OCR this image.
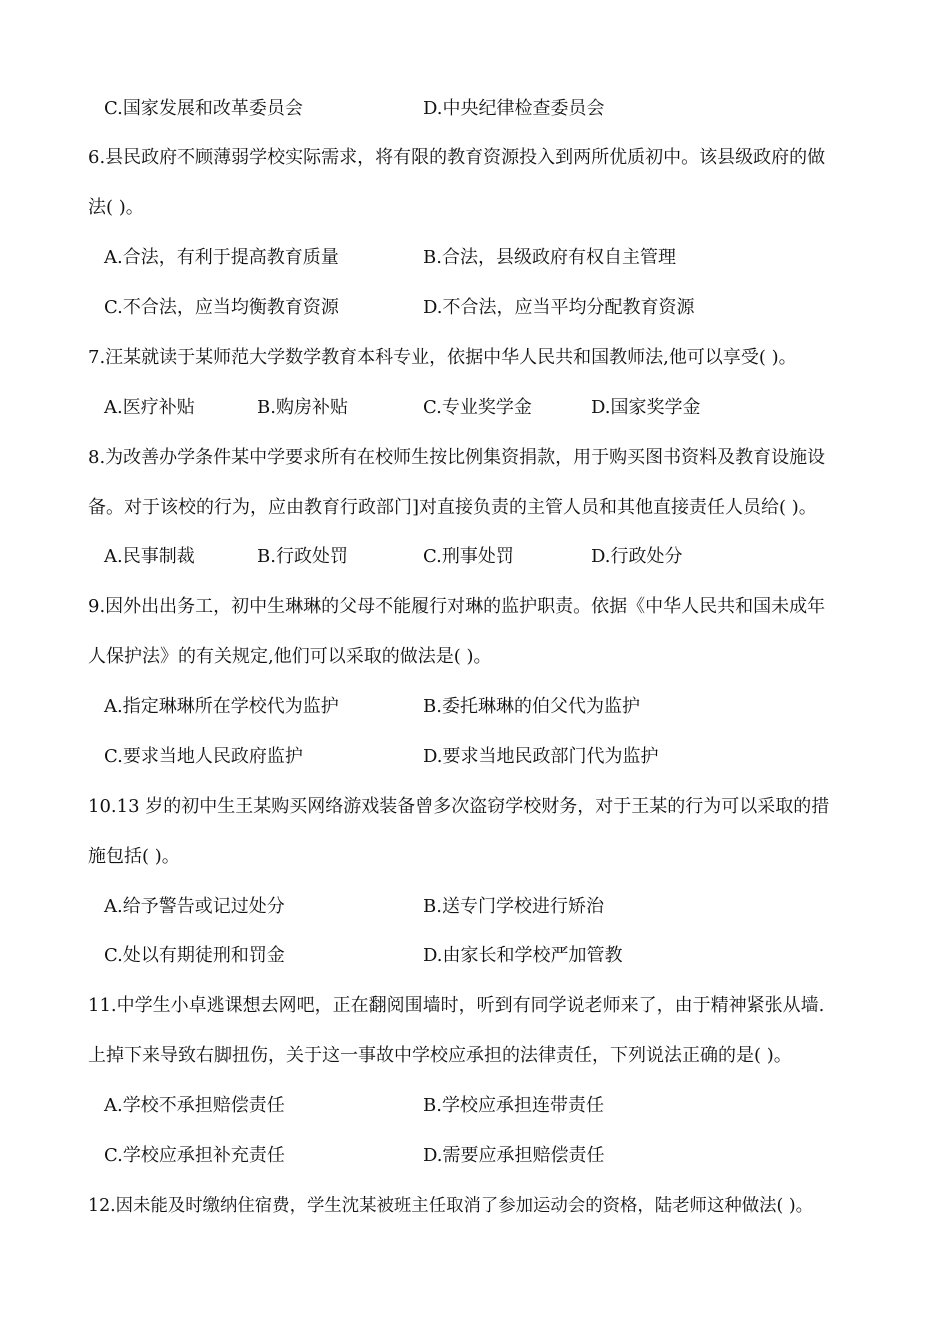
C.国家发展和改革委员会	D.中央纪律检查委员会
6.县民政府不顾薄弱学校实际需求，将有限的教育资源投入到两所优质初中。该县级政府的做
法( )。
A.合法，有利于提高教育质量	B.合法，县级政府有权自主管理
C.不合法，应当均衡教育资源	D.不合法，应当平均分配教育资源
7.汪某就读于某师范大学数学教育本科专业，依据中华人民共和国教师法,他可以享受( )。
A.医疗补贴	B.购房补贴	C.专业奖学金	D.国家奖学金
8.为改善办学条件某中学要求所有在校师生按比例集资捐款，用于购买图书资料及教育设施设
备。对于该校的行为，应由教育行政部门]对直接负责的主管人员和其他直接责任人员给( )。
A.民事制裁	B.行政处罚	C.刑事处罚	D.行政处分
9.因外出出务工，初中生琳琳的父母不能履行对琳的监护职责。依据《中华人民共和国未成年
人保护法》的有关规定,他们可以采取的做法是( )。
A.指定琳琳所在学校代为监护	B.委托琳琳的伯父代为监护
C.要求当地人民政府监护	D.要求当地民政部门代为监护
10.13 岁的初中生王某购买网络游戏装备曾多次盗窃学校财务，对于王某的行为可以采取的措
施包括( )。
A.给予警告或记过处分	B.送专门学校进行矫治
C.处以有期徒刑和罚金	D.由家长和学校严加管教
11.中学生小卓逃课想去网吧，正在翻阅围墙时，听到有同学说老师来了，由于精神紧张从墙.
上掉下来导致右脚扭伤，关于这一事故中学校应承担的法律责任，下列说法正确的是( )。
A.学校不承担赔偿责任	B.学校应承担连带责任
C.学校应承担补充责任	D.需要应承担赔偿责任
12.因未能及时缴纳住宿费，学生沈某被班主任取消了参加运动会的资格，陆老师这种做法( )。
